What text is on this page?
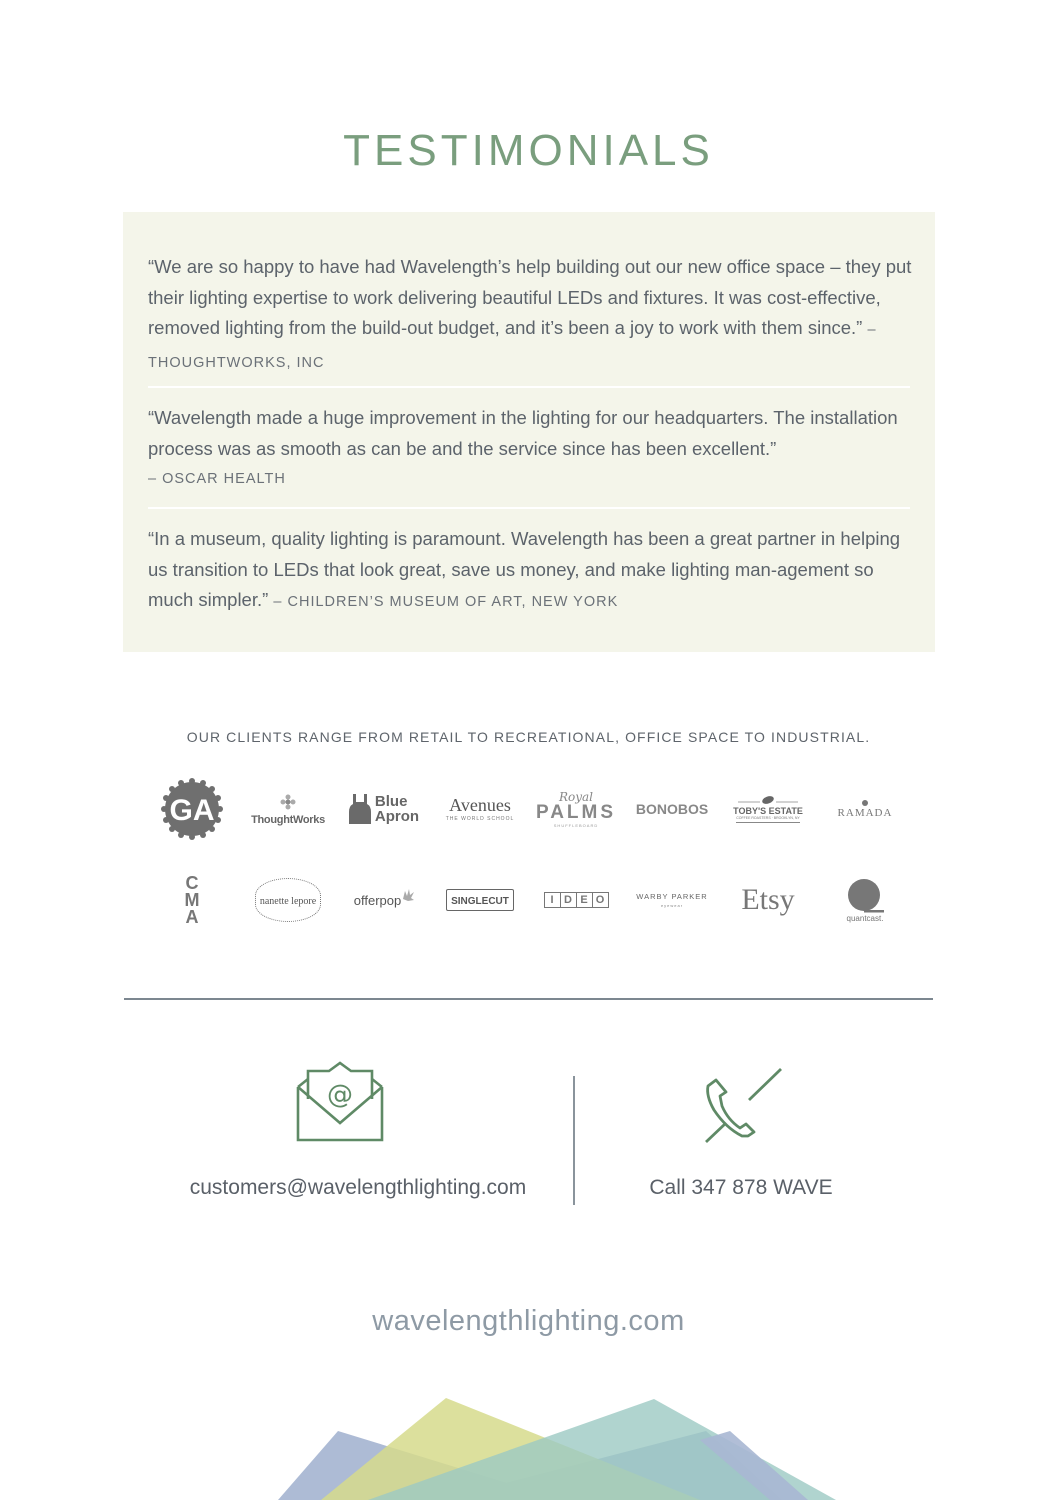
TESTIMONIALS

“We are so happy to have had Wavelength’s help building out our new office space – they put their lighting expertise to work delivering beautiful LEDs and fixtures. It was cost-effective, removed lighting from the build-out budget, and it’s been a joy to work with them since.” – THOUGHTWORKS, INC

“Wavelength made a huge improvement in the lighting for our headquarters. The installation process was as smooth as can be and the service since has been excellent.”
– OSCAR HEALTH

“In a museum, quality lighting is paramount. Wavelength has been a great partner in helping us transition to LEDs that look great, save us money, and make lighting man-agement so much simpler.” – CHILDREN’S MUSEUM OF ART, NEW YORK

OUR CLIENTS RANGE FROM RETAIL TO RECREATIONAL, OFFICE SPACE TO INDUSTRIAL.
GA	ThoughtWorks
Blue
Apron
Avenues
THE WORLD SCHOOL
Royal
PALMS
SHUFFLEBOARD
BONOBOS	TOBY'S ESTATE
COFFEE ROASTERS · BROOKLYN, NY	RAMADA
C
M
A
nanette lepore	offerpop	SINGLECUT	I D E O	WARBY PARKER
eyewear Etsy
quantcast.
@
customers@wavelengthlighting.com	Call 347 878 WAVE
wavelengthlighting.com
